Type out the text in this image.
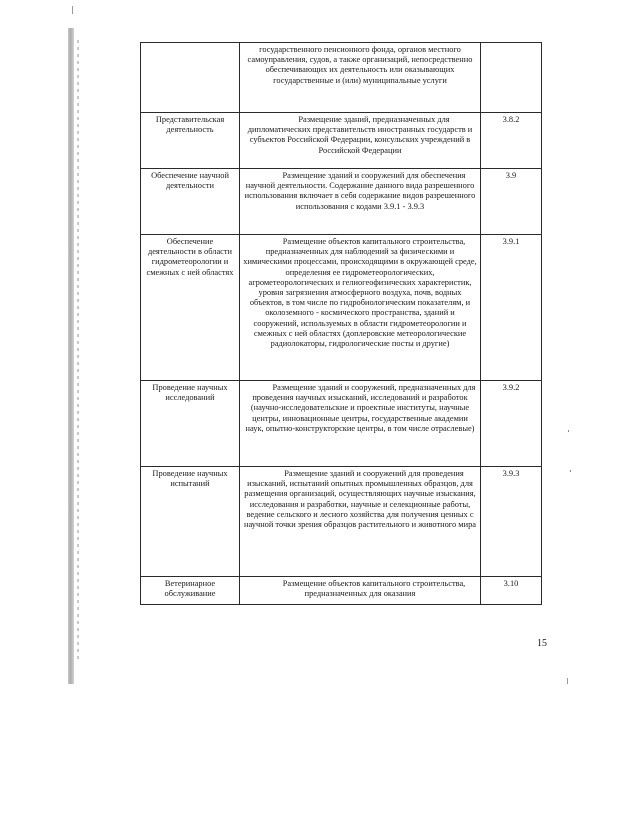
	государственного пенсионного фонда, органов местного самоуправления, судов, а также организаций, непосредственно обеспечивающих их деятельность или оказывающих государственные и (или) муниципальные услуги	

Представительская деятельность	Размещение зданий, предназначенных для дипломатических представительств иностранных государств и субъектов Российской Федерации, консульских учреждений в Российской Федерации	3.8.2
Обеспечение научной деятельности	Размещение зданий и сооружений для обеспечения научной деятельности. Содержание данного вида разрешенного использования включает в себя содержание видов разрешенного использования с кодами 3.9.1 - 3.9.3	3.9
Обеспечение деятельности в области гидрометеорологии и смежных с ней областях	Размещение объектов капитального строительства, предназначенных для наблюдений за физическими и химическими процессами, происходящими в окружающей среде, определения ее гидрометеорологических, агрометеорологических и гелиогеофизических характеристик, уровня загрязнения атмосферного воздуха, почв, водных объектов, в том числе по гидробиологическим показателям, и околоземного - космического пространства, зданий и сооружений, используемых в области гидрометеорологии и смежных с ней областях (доплеровские метеорологические радиолокаторы, гидрологические посты и другие)	3.9.1
Проведение научных исследований	Размещение зданий и сооружений, предназначенных для проведения научных изысканий, исследований и разработок (научно-исследовательские и проектные институты, научные центры, инновационные центры, государственные академии наук, опытно-конструкторские центры, в том числе отраслевые)	3.9.2
Проведение научных испытаний	Размещение зданий и сооружений для проведения изысканий, испытаний опытных промышленных образцов, для размещения организаций, осуществляющих научные изыскания, исследования и разработки, научные и селекционные работы, ведение сельского и лесного хозяйства для получения ценных с научной точки зрения образцов растительного и животного мира	3.9.3
Ветеринарное обслуживание	Размещение объектов капитального строительства, предназначенных для оказания	3.10
15
